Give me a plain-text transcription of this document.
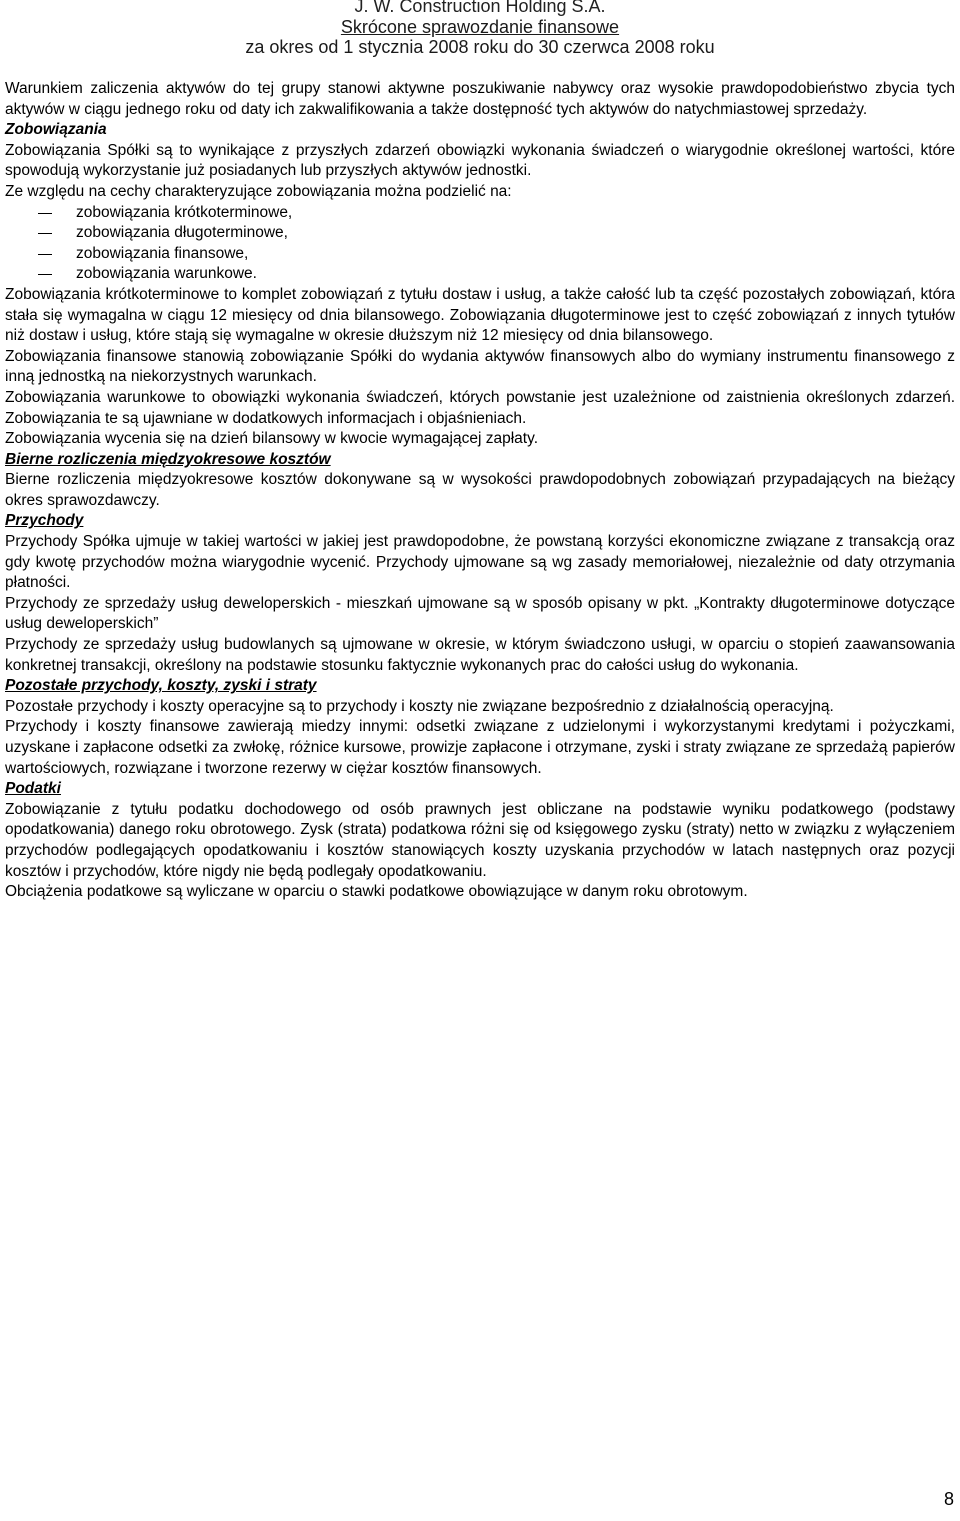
J. W. Construction Holding S.A.
Skrócone sprawozdanie finansowe
za okres od 1 stycznia 2008 roku do 30 czerwca 2008 roku

Warunkiem zaliczenia aktywów do tej grupy stanowi aktywne poszukiwanie nabywcy oraz wysokie prawdopodobieństwo zbycia tych aktywów w ciągu jednego roku od daty ich zakwalifikowania a także dostępność tych aktywów do natychmiastowej sprzedaży.

Zobowiązania

Zobowiązania Spółki są to wynikające z przyszłych zdarzeń obowiązki wykonania świadczeń o wiarygodnie określonej wartości, które spowodują wykorzystanie już posiadanych lub przyszłych aktywów jednostki.

Ze względu na cechy charakteryzujące zobowiązania można podzielić na:

zobowiązania krótkoterminowe,
zobowiązania długoterminowe,
zobowiązania finansowe,
zobowiązania warunkowe.

Zobowiązania krótkoterminowe to komplet zobowiązań z tytułu dostaw i usług, a także całość lub ta część pozostałych zobowiązań, która stała się wymagalna w ciągu 12 miesięcy od dnia bilansowego. Zobowiązania długoterminowe jest to część zobowiązań z innych tytułów niż dostaw i usług, które stają się wymagalne w okresie dłuższym niż 12 miesięcy od dnia bilansowego.

Zobowiązania finansowe stanowią zobowiązanie Spółki do wydania aktywów finansowych albo do wymiany instrumentu finansowego z inną jednostką na niekorzystnych warunkach.

Zobowiązania warunkowe to obowiązki wykonania świadczeń, których powstanie jest uzależnione od zaistnienia określonych zdarzeń. Zobowiązania te są ujawniane w dodatkowych informacjach i objaśnieniach.

Zobowiązania wycenia się na dzień bilansowy w kwocie wymagającej zapłaty.

Bierne rozliczenia międzyokresowe kosztów

Bierne rozliczenia międzyokresowe kosztów dokonywane są w wysokości prawdopodobnych zobowiązań przypadających na bieżący okres sprawozdawczy.

Przychody

Przychody Spółka ujmuje w takiej wartości w jakiej jest prawdopodobne, że powstaną korzyści ekonomiczne związane z transakcją oraz gdy kwotę przychodów można wiarygodnie wycenić. Przychody ujmowane są wg zasady memoriałowej, niezależnie od daty otrzymania płatności.

Przychody ze sprzedaży usług deweloperskich - mieszkań ujmowane są w sposób opisany w pkt. „Kontrakty długoterminowe dotyczące usług deweloperskich”

Przychody ze sprzedaży usług budowlanych są ujmowane w okresie, w którym świadczono usługi, w oparciu o stopień zaawansowania konkretnej transakcji, określony na podstawie stosunku faktycznie wykonanych prac do całości usług do wykonania.

Pozostałe przychody, koszty, zyski i straty

Pozostałe przychody i koszty operacyjne są to przychody i koszty nie związane bezpośrednio z działalnością operacyjną.

Przychody i koszty finansowe zawierają miedzy innymi: odsetki związane z udzielonymi i wykorzystanymi kredytami i pożyczkami, uzyskane i zapłacone odsetki za zwłokę, różnice kursowe, prowizje zapłacone i otrzymane, zyski i straty związane ze sprzedażą papierów wartościowych, rozwiązane i tworzone rezerwy w ciężar kosztów finansowych.

Podatki

Zobowiązanie z tytułu podatku dochodowego od osób prawnych jest obliczane na podstawie wyniku podatkowego (podstawy opodatkowania) danego roku obrotowego. Zysk (strata) podatkowa różni się od księgowego zysku (straty) netto w związku z wyłączeniem przychodów podlegających opodatkowaniu i kosztów stanowiących koszty uzyskania przychodów w latach następnych oraz pozycji kosztów i przychodów, które nigdy nie będą podlegały opodatkowaniu.

Obciążenia podatkowe są wyliczane w oparciu o stawki podatkowe obowiązujące w danym roku obrotowym.

8
